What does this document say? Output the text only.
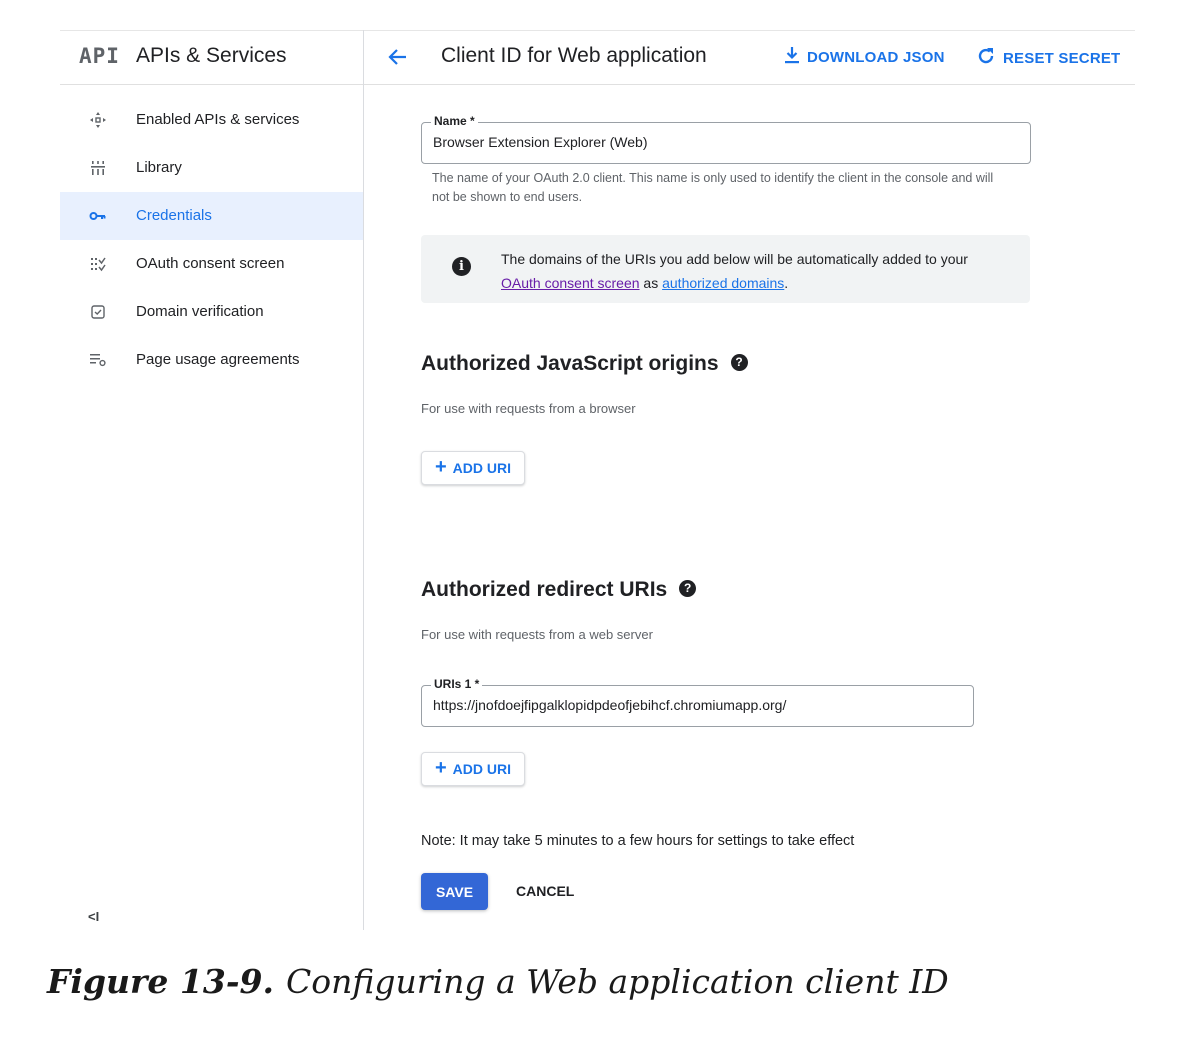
API APIs & Services
Enabled APIs & services
Library
Credentials
OAuth consent screen
Domain verification
Page usage agreements
<I
Client ID for Web application	DOWNLOAD JSON	RESET SECRET
Name *
Browser Extension Explorer (Web)
The name of your OAuth 2.0 client. This name is only used to identify the client in the console and will not be shown to end users.
i	The domains of the URIs you add below will be automatically added to your OAuth consent screen as authorized domains.
Authorized JavaScript origins ?
For use with requests from a browser
+ ADD URI
Authorized redirect URIs ?
For use with requests from a web server
URIs 1 *
https://jnofdoejfipgalklopidpdeofjebihcf.chromiumapp.org/
+ ADD URI
Note: It may take 5 minutes to a few hours for settings to take effect
SAVE	CANCEL
Figure 13-9. Configuring a Web application client ID
